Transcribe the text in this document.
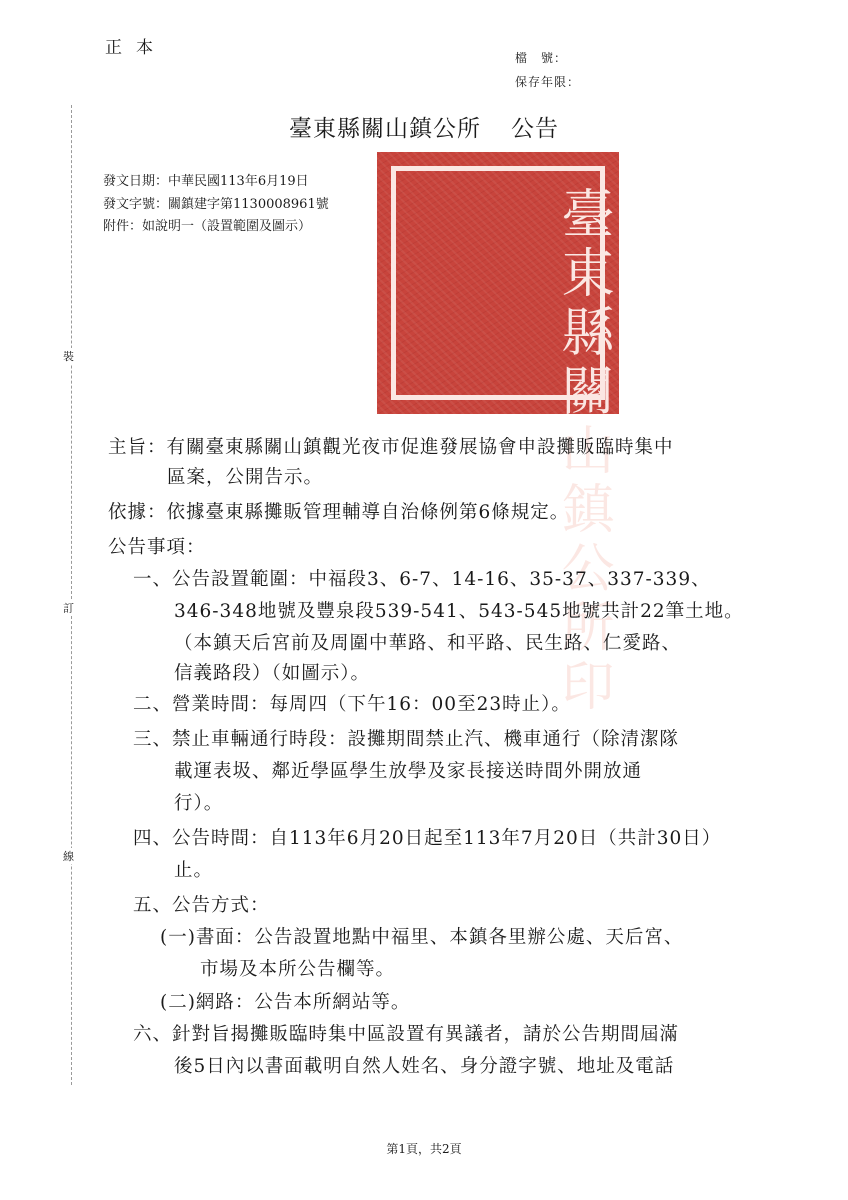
正本	檔　號：
保存年限：
臺東縣關山鎮公所 公告
發文日期：中華民國113年6月19日
發文字號：關鎮建字第1130008961號
附件：如說明一（設置範圍及圖示）	臺東縣關山鎮公所印
裝
訂
線
主旨：有關臺東縣關山鎮觀光夜市促進發展協會申設攤販臨時集中
區案，公開告示。
依據：依據臺東縣攤販管理輔導自治條例第6條規定。
公告事項：
一、公告設置範圍：中福段3、6-7、14-16、35-37、337-339、
346-348地號及豐泉段539-541、543-545地號共計22筆土地。
（本鎮天后宮前及周圍中華路、和平路、民生路、仁愛路、
信義路段）（如圖示）。
二、營業時間：每周四（下午16：00至23時止）。
三、禁止車輛通行時段：設攤期間禁止汽、機車通行（除清潔隊
載運表圾、鄰近學區學生放學及家長接送時間外開放通
行）。
四、公告時間：自113年6月20日起至113年7月20日（共計30日）
止。
五、公告方式：
(一)書面：公告設置地點中福里、本鎮各里辦公處、天后宮、
市場及本所公告欄等。
(二)網路：公告本所網站等。
六、針對旨揭攤販臨時集中區設置有異議者，請於公告期間屆滿
後5日內以書面載明自然人姓名、身分證字號、地址及電話
第1頁，共2頁
